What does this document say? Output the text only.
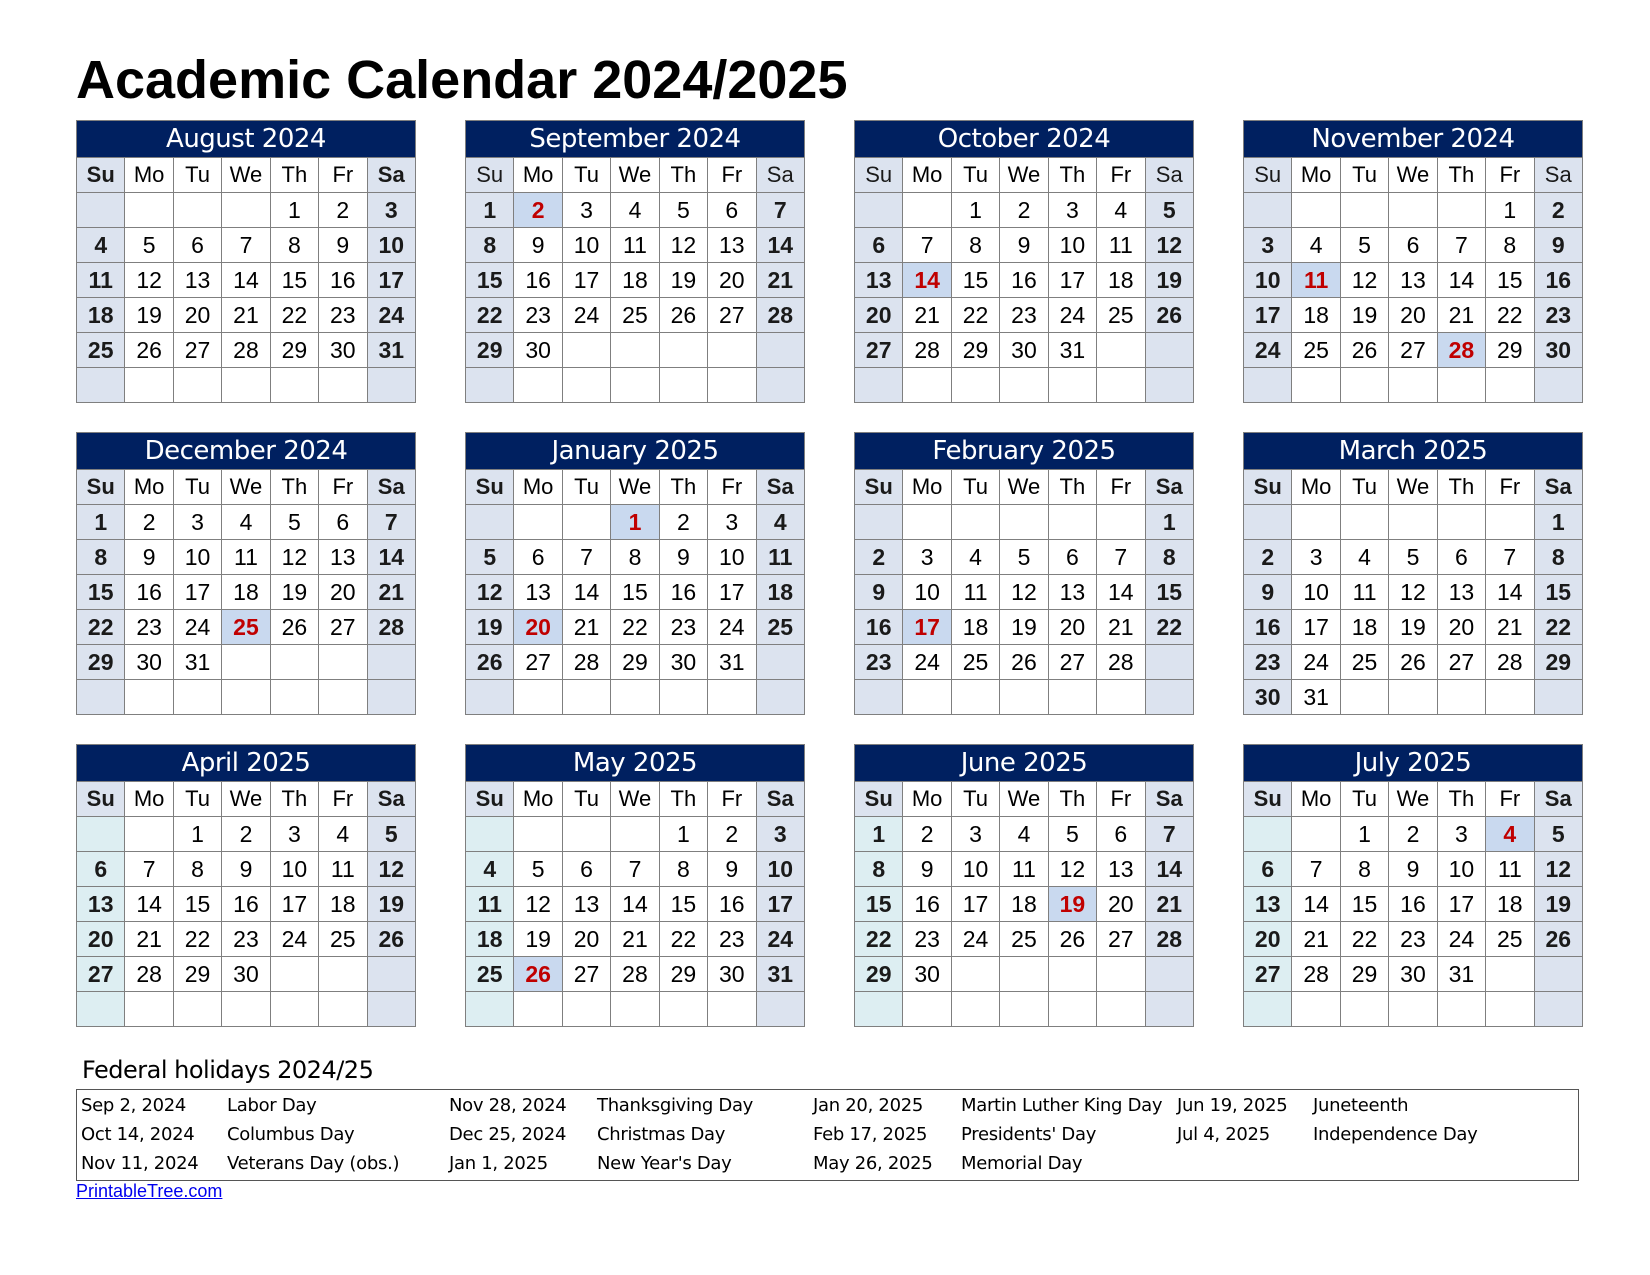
Academic Calendar 2024/2025
August 2024						
Su	Mo	Tu	We	Th	Fr	Sa
				1	2	3
4	5	6	7	8	9	10
11	12	13	14	15	16	17
18	19	20	21	22	23	24
25	26	27	28	29	30	31

September 2024						
Su	Mo	Tu	We	Th	Fr	Sa
1	2	3	4	5	6	7
8	9	10	11	12	13	14
15	16	17	18	19	20	21
22	23	24	25	26	27	28
29	30					

October 2024						
Su	Mo	Tu	We	Th	Fr	Sa
		1	2	3	4	5
6	7	8	9	10	11	12
13	14	15	16	17	18	19
20	21	22	23	24	25	26
27	28	29	30	31		

November 2024						
Su	Mo	Tu	We	Th	Fr	Sa
					1	2
3	4	5	6	7	8	9
10	11	12	13	14	15	16
17	18	19	20	21	22	23
24	25	26	27	28	29	30

December 2024						
Su	Mo	Tu	We	Th	Fr	Sa
1	2	3	4	5	6	7
8	9	10	11	12	13	14
15	16	17	18	19	20	21
22	23	24	25	26	27	28
29	30	31				

January 2025						
Su	Mo	Tu	We	Th	Fr	Sa
			1	2	3	4
5	6	7	8	9	10	11
12	13	14	15	16	17	18
19	20	21	22	23	24	25
26	27	28	29	30	31	

February 2025						
Su	Mo	Tu	We	Th	Fr	Sa
						1
2	3	4	5	6	7	8
9	10	11	12	13	14	15
16	17	18	19	20	21	22
23	24	25	26	27	28	

March 2025						
Su	Mo	Tu	We	Th	Fr	Sa
						1
2	3	4	5	6	7	8
9	10	11	12	13	14	15
16	17	18	19	20	21	22
23	24	25	26	27	28	29
30	31					
April 2025						
Su	Mo	Tu	We	Th	Fr	Sa
		1	2	3	4	5
6	7	8	9	10	11	12
13	14	15	16	17	18	19
20	21	22	23	24	25	26
27	28	29	30			

May 2025						
Su	Mo	Tu	We	Th	Fr	Sa
				1	2	3
4	5	6	7	8	9	10
11	12	13	14	15	16	17
18	19	20	21	22	23	24
25	26	27	28	29	30	31

June 2025						
Su	Mo	Tu	We	Th	Fr	Sa
1	2	3	4	5	6	7
8	9	10	11	12	13	14
15	16	17	18	19	20	21
22	23	24	25	26	27	28
29	30					

July 2025						
Su	Mo	Tu	We	Th	Fr	Sa
		1	2	3	4	5
6	7	8	9	10	11	12
13	14	15	16	17	18	19
20	21	22	23	24	25	26
27	28	29	30	31		

Federal holidays 2024/25
Sep 2, 2024 Labor Day
Oct 14, 2024 Columbus Day
Nov 11, 2024 Veterans Day (obs.)
Nov 28, 2024 Thanksgiving Day
Dec 25, 2024 Christmas Day
Jan 1, 2025	New Year's Day
Jan 20, 2025 Martin Luther King Day
Feb 17, 2025 Presidents' Day
May 26, 2025 Memorial Day
Jun 19, 2025 Juneteenth
Jul 4, 2025 Independence Day
PrintableTree.com
